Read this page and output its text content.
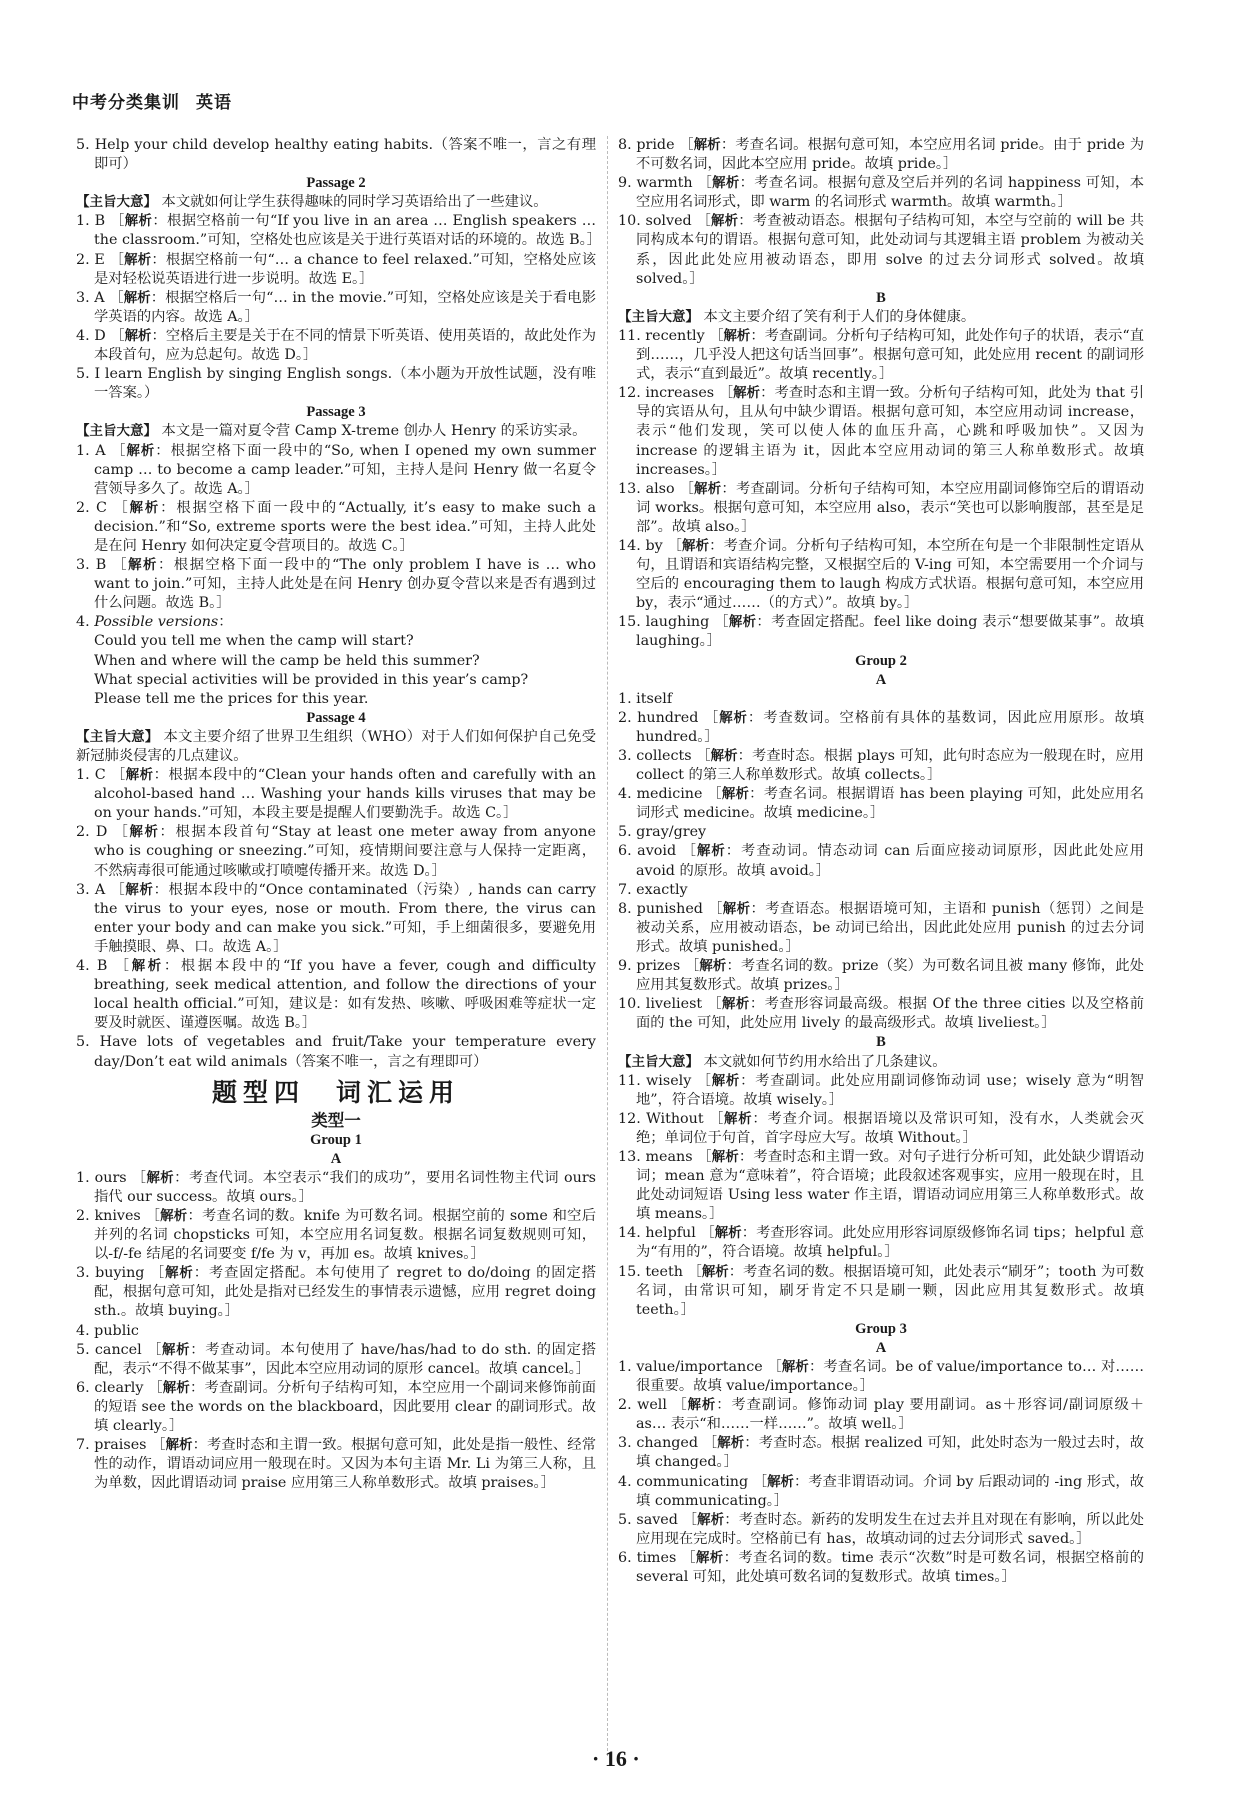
中考分类集训 英语

5. Help your child develop healthy eating habits.（答案不唯一，言之有理即可）

Passage 2

【主旨大意】 本文就如何让学生获得趣味的同时学习英语给出了一些建议。

1. B ［解析：根据空格前一句“If you live in an area … English speakers … the classroom.”可知，空格处也应该是关于进行英语对话的环境的。故选 B。］

2. E ［解析：根据空格前一句“… a chance to feel relaxed.”可知，空格处应该是对轻松说英语进行进一步说明。故选 E。］

3. A ［解析：根据空格后一句“… in the movie.”可知，空格处应该是关于看电影学英语的内容。故选 A。］

4. D ［解析：空格后主要是关于在不同的情景下听英语、使用英语的，故此处作为本段首句，应为总起句。故选 D。］

5. I learn English by singing English songs.（本小题为开放性试题，没有唯一答案。）

Passage 3

【主旨大意】 本文是一篇对夏令营 Camp X-treme 创办人 Henry 的采访实录。

1. A ［解析：根据空格下面一段中的“So, when I opened my own summer camp … to become a camp leader.”可知，主持人是问 Henry 做一名夏令营领导多久了。故选 A。］

2. C ［解析：根据空格下面一段中的“Actually, it’s easy to make such a decision.”和“So, extreme sports were the best idea.”可知，主持人此处是在问 Henry 如何决定夏令营项目的。故选 C。］

3. B ［解析：根据空格下面一段中的“The only problem I have is … who want to join.”可知，主持人此处是在问 Henry 创办夏令营以来是否有遇到过什么问题。故选 B。］

4. Possible versions：

Could you tell me when the camp will start?

When and where will the camp be held this summer?

What special activities will be provided in this year’s camp?

Please tell me the prices for this year.

Passage 4

【主旨大意】 本文主要介绍了世界卫生组织（WHO）对于人们如何保护自己免受新冠肺炎侵害的几点建议。

1. C ［解析：根据本段中的“Clean your hands often and carefully with an alcohol-based hand … Washing your hands kills viruses that may be on your hands.”可知，本段主要是提醒人们要勤洗手。故选 C。］

2. D ［解析：根据本段首句“Stay at least one meter away from anyone who is coughing or sneezing.”可知，疫情期间要注意与人保持一定距离，不然病毒很可能通过咳嗽或打喷嚏传播开来。故选 D。］

3. A ［解析：根据本段中的“Once contaminated（污染）, hands can carry the virus to your eyes, nose or mouth. From there, the virus can enter your body and can make you sick.”可知，手上细菌很多，要避免用手触摸眼、鼻、口。故选 A。］

4. B ［解析：根据本段中的“If you have a fever, cough and difficulty breathing, seek medical attention, and follow the directions of your local health official.”可知，建议是：如有发热、咳嗽、呼吸困难等症状一定要及时就医、谨遵医嘱。故选 B。］

5. Have lots of vegetables and fruit/Take your temperature every day/Don’t eat wild animals（答案不唯一，言之有理即可）

题型四　词汇运用

类型一

Group 1

A

1. ours ［解析：考查代词。本空表示“我们的成功”，要用名词性物主代词 ours 指代 our success。故填 ours。］

2. knives ［解析：考查名词的数。knife 为可数名词。根据空前的 some 和空后并列的名词 chopsticks 可知，本空应用名词复数。根据名词复数规则可知，以-f/-fe 结尾的名词要变 f/fe 为 v，再加 es。故填 knives。］

3. buying ［解析：考查固定搭配。本句使用了 regret to do/doing 的固定搭配，根据句意可知，此处是指对已经发生的事情表示遗憾，应用 regret doing sth.。故填 buying。］

4. public

5. cancel ［解析：考查动词。本句使用了 have/has/had to do sth. 的固定搭配，表示“不得不做某事”，因此本空应用动词的原形 cancel。故填 cancel。］

6. clearly ［解析：考查副词。分析句子结构可知，本空应用一个副词来修饰前面的短语 see the words on the blackboard，因此要用 clear 的副词形式。故填 clearly。］

7. praises ［解析：考查时态和主谓一致。根据句意可知，此处是指一般性、经常性的动作，谓语动词应用一般现在时。又因为本句主语 Mr. Li 为第三人称，且为单数，因此谓语动词 praise 应用第三人称单数形式。故填 praises。］

8. pride ［解析：考查名词。根据句意可知，本空应用名词 pride。由于 pride 为不可数名词，因此本空应用 pride。故填 pride。］

9. warmth ［解析：考查名词。根据句意及空后并列的名词 happiness 可知，本空应用名词形式，即 warm 的名词形式 warmth。故填 warmth。］

10. solved ［解析：考查被动语态。根据句子结构可知，本空与空前的 will be 共同构成本句的谓语。根据句意可知，此处动词与其逻辑主语 problem 为被动关系，因此此处应用被动语态，即用 solve 的过去分词形式 solved。故填 solved。］

B

【主旨大意】 本文主要介绍了笑有利于人们的身体健康。

11. recently ［解析：考查副词。分析句子结构可知，此处作句子的状语，表示“直到……，几乎没人把这句话当回事”。根据句意可知，此处应用 recent 的副词形式，表示“直到最近”。故填 recently。］

12. increases ［解析：考查时态和主谓一致。分析句子结构可知，此处为 that 引导的宾语从句，且从句中缺少谓语。根据句意可知，本空应用动词 increase，表示“他们发现，笑可以使人体的血压升高，心跳和呼吸加快”。又因为 increase 的逻辑主语为 it，因此本空应用动词的第三人称单数形式。故填 increases。］

13. also ［解析：考查副词。分析句子结构可知，本空应用副词修饰空后的谓语动词 works。根据句意可知，本空应用 also，表示“笑也可以影响腹部，甚至是足部”。故填 also。］

14. by ［解析：考查介词。分析句子结构可知，本空所在句是一个非限制性定语从句，且谓语和宾语结构完整，又根据空后的 V-ing 可知，本空需要用一个介词与空后的 encouraging them to laugh 构成方式状语。根据句意可知，本空应用 by，表示“通过……（的方式）”。故填 by。］

15. laughing ［解析：考查固定搭配。feel like doing 表示“想要做某事”。故填 laughing。］

Group 2

A

1. itself

2. hundred ［解析：考查数词。空格前有具体的基数词，因此应用原形。故填 hundred。］

3. collects ［解析：考查时态。根据 plays 可知，此句时态应为一般现在时，应用 collect 的第三人称单数形式。故填 collects。］

4. medicine ［解析：考查名词。根据谓语 has been playing 可知，此处应用名词形式 medicine。故填 medicine。］

5. gray/grey

6. avoid ［解析：考查动词。情态动词 can 后面应接动词原形，因此此处应用 avoid 的原形。故填 avoid。］

7. exactly

8. punished ［解析：考查语态。根据语境可知，主语和 punish（惩罚）之间是被动关系，应用被动语态，be 动词已给出，因此此处应用 punish 的过去分词形式。故填 punished。］

9. prizes ［解析：考查名词的数。prize（奖）为可数名词且被 many 修饰，此处应用其复数形式。故填 prizes。］

10. liveliest ［解析：考查形容词最高级。根据 Of the three cities 以及空格前面的 the 可知，此处应用 lively 的最高级形式。故填 liveliest。］

B

【主旨大意】 本文就如何节约用水给出了几条建议。

11. wisely ［解析：考查副词。此处应用副词修饰动词 use；wisely 意为“明智地”，符合语境。故填 wisely。］

12. Without ［解析：考查介词。根据语境以及常识可知，没有水，人类就会灭绝；单词位于句首，首字母应大写。故填 Without。］

13. means ［解析：考查时态和主谓一致。对句子进行分析可知，此处缺少谓语动词；mean 意为“意味着”，符合语境；此段叙述客观事实，应用一般现在时，且此处动词短语 Using less water 作主语，谓语动词应用第三人称单数形式。故填 means。］

14. helpful ［解析：考查形容词。此处应用形容词原级修饰名词 tips；helpful 意为“有用的”，符合语境。故填 helpful。］

15. teeth ［解析：考查名词的数。根据语境可知，此处表示“刷牙”；tooth 为可数名词，由常识可知，刷牙肯定不只是刷一颗，因此应用其复数形式。故填 teeth。］

Group 3

A

1. value/importance ［解析：考查名词。be of value/importance to… 对……很重要。故填 value/importance。］

2. well ［解析：考查副词。修饰动词 play 要用副词。as＋形容词/副词原级＋as… 表示“和……一样……”。故填 well。］

3. changed ［解析：考查时态。根据 realized 可知，此处时态为一般过去时，故填 changed。］

4. communicating ［解析：考查非谓语动词。介词 by 后跟动词的 -ing 形式，故填 communicating。］

5. saved ［解析：考查时态。新药的发明发生在过去并且对现在有影响，所以此处应用现在完成时。空格前已有 has，故填动词的过去分词形式 saved。］

6. times ［解析：考查名词的数。time 表示“次数”时是可数名词，根据空格前的 several 可知，此处填可数名词的复数形式。故填 times。］

· 16 ·
